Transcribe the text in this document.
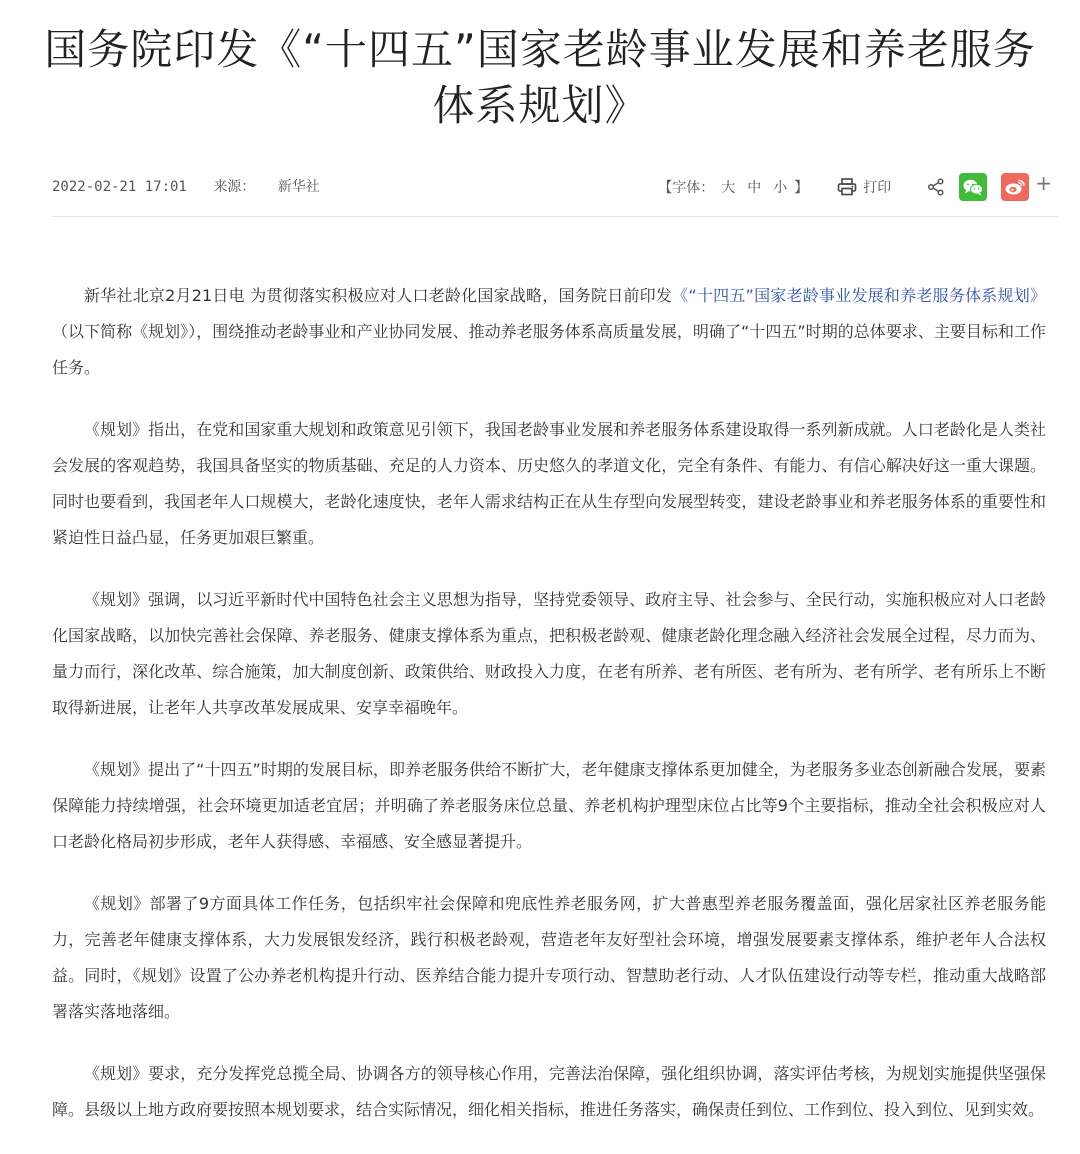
国务院印发《“十四五”国家老龄事业发展和养老服务体系规划》
2022-02-21 17:01 来源： 新华社	【字体： 大 中 小 】	打印	+

新华社北京2月21日电 为贯彻落实积极应对人口老龄化国家战略，国务院日前印发《“十四五”国家老龄事业发展和养老服务体系规划》（以下简称《规划》），围绕推动老龄事业和产业协同发展、推动养老服务体系高质量发展，明确了“十四五”时期的总体要求、主要目标和工作任务。

《规划》指出，在党和国家重大规划和政策意见引领下，我国老龄事业发展和养老服务体系建设取得一系列新成就。人口老龄化是人类社会发展的客观趋势，我国具备坚实的物质基础、充足的人力资本、历史悠久的孝道文化，完全有条件、有能力、有信心解决好这一重大课题。同时也要看到，我国老年人口规模大，老龄化速度快，老年人需求结构正在从生存型向发展型转变，建设老龄事业和养老服务体系的重要性和紧迫性日益凸显，任务更加艰巨繁重。

《规划》强调，以习近平新时代中国特色社会主义思想为指导，坚持党委领导、政府主导、社会参与、全民行动，实施积极应对人口老龄化国家战略，以加快完善社会保障、养老服务、健康支撑体系为重点，把积极老龄观、健康老龄化理念融入经济社会发展全过程，尽力而为、量力而行，深化改革、综合施策，加大制度创新、政策供给、财政投入力度，在老有所养、老有所医、老有所为、老有所学、老有所乐上不断取得新进展，让老年人共享改革发展成果、安享幸福晚年。

《规划》提出了“十四五”时期的发展目标，即养老服务供给不断扩大，老年健康支撑体系更加健全，为老服务多业态创新融合发展，要素保障能力持续增强，社会环境更加适老宜居；并明确了养老服务床位总量、养老机构护理型床位占比等9个主要指标，推动全社会积极应对人口老龄化格局初步形成，老年人获得感、幸福感、安全感显著提升。

《规划》部署了9方面具体工作任务，包括织牢社会保障和兜底性养老服务网，扩大普惠型养老服务覆盖面，强化居家社区养老服务能力，完善老年健康支撑体系，大力发展银发经济，践行积极老龄观，营造老年友好型社会环境，增强发展要素支撑体系，维护老年人合法权益。同时，《规划》设置了公办养老机构提升行动、医养结合能力提升专项行动、智慧助老行动、人才队伍建设行动等专栏，推动重大战略部署落实落地落细。

《规划》要求，充分发挥党总揽全局、协调各方的领导核心作用，完善法治保障，强化组织协调，落实评估考核，为规划实施提供坚强保障。县级以上地方政府要按照本规划要求，结合实际情况，细化相关指标，推进任务落实，确保责任到位、工作到位、投入到位、见到实效。
